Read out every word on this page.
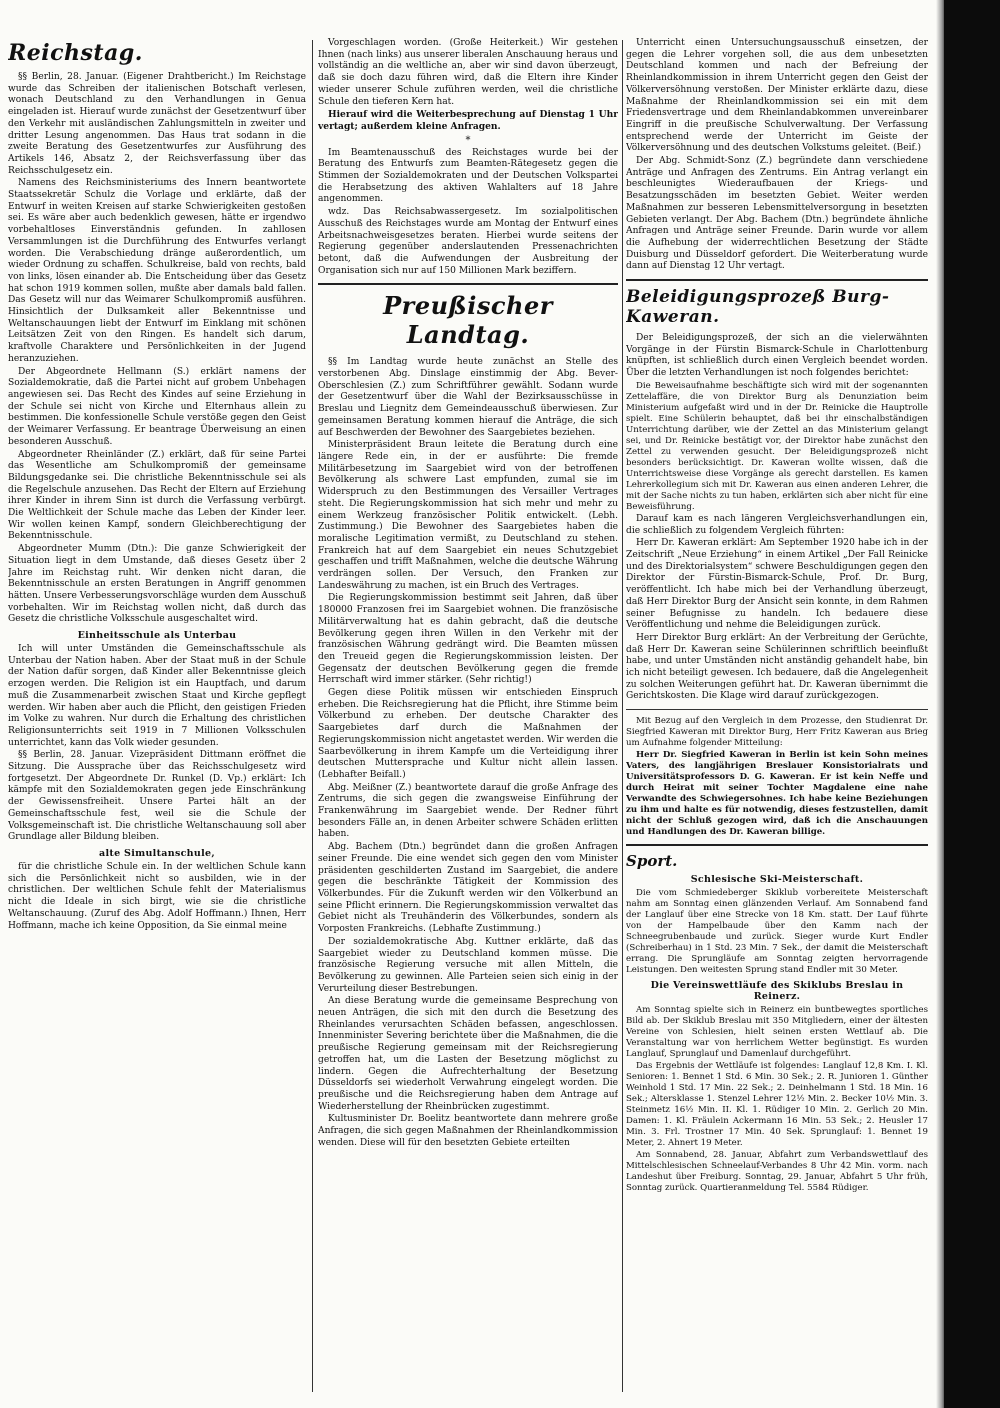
Reichstag.

§§ Berlin, 28. Januar. (Eigener Drahtbericht.) Im Reichstage wurde das Schreiben der italienischen Botschaft verlesen, wonach Deutschland zu den Verhandlungen in Genua eingeladen ist. Hierauf wurde zunächst der Gesetzentwurf über den Verkehr mit ausländischen Zahlungsmitteln in zweiter und dritter Lesung angenommen. Das Haus trat sodann in die zweite Beratung des Gesetzentwurfes zur Ausführung des Artikels 146, Absatz 2, der Reichsverfassung über das Reichsschulgesetz ein.

Namens des Reichsministeriums des Innern beantwortete Staatssekretär Schulz die Vorlage und erklärte, daß der Entwurf in weiten Kreisen auf starke Schwierigkeiten gestoßen sei. Es wäre aber auch bedenklich gewesen, hätte er irgendwo vorbehaltloses Einverständnis gefunden. In zahllosen Versammlungen ist die Durchführung des Entwurfes verlangt worden. Die Verabschiedung dränge außerordentlich, um wieder Ordnung zu schaffen. Schulkreise, bald von rechts, bald von links, lösen einander ab. Die Entscheidung über das Gesetz hat schon 1919 kommen sollen, mußte aber damals bald fallen. Das Gesetz will nur das Weimarer Schulkompromiß ausführen. Hinsichtlich der Dulksamkeit aller Bekenntnisse und Weltanschauungen liebt der Entwurf im Einklang mit schönen Leitsätzen Zeit von den Ringen. Es handelt sich darum, kraftvolle Charaktere und Persönlichkeiten in der Jugend heranzuziehen.

Der Abgeordnete Hellmann (S.) erklärt namens der Sozialdemokratie, daß die Partei nicht auf grobem Unbehagen angewiesen sei. Das Recht des Kindes auf seine Erziehung in der Schule sei nicht von Kirche und Elternhaus allein zu bestimmen. Die konfessionelle Schule verstöße gegen den Geist der Weimarer Verfassung. Er beantrage Überweisung an einen besonderen Ausschuß.

Abgeordneter Rheinländer (Z.) erklärt, daß für seine Partei das Wesentliche am Schulkompromiß der gemeinsame Bildungsgedanke sei. Die christliche Bekenntnisschule sei als die Regelschule anzusehen. Das Recht der Eltern auf Erziehung ihrer Kinder in ihrem Sinn ist durch die Verfassung verbürgt. Die Weltlichkeit der Schule mache das Leben der Kinder leer. Wir wollen keinen Kampf, sondern Gleichberechtigung der Bekenntnisschule.

Abgeordneter Mumm (Dtn.): Die ganze Schwierigkeit der Situation liegt in dem Umstande, daß dieses Gesetz über 2 Jahre im Reichstag ruht. Wir denken nicht daran, die Bekenntnisschule an ersten Beratungen in Angriff genommen hätten. Unsere Verbesserungsvorschläge wurden dem Ausschuß vorbehalten. Wir im Reichstag wollen nicht, daß durch das Gesetz die christliche Volksschule ausgeschaltet wird.

Einheitsschule als Unterbau

Ich will unter Umständen die Gemeinschaftsschule als Unterbau der Nation haben. Aber der Staat muß in der Schule der Nation dafür sorgen, daß Kinder aller Bekenntnisse gleich erzogen werden. Die Religion ist ein Hauptfach, und darum muß die Zusammenarbeit zwischen Staat und Kirche gepflegt werden. Wir haben aber auch die Pflicht, den geistigen Frieden im Volke zu wahren. Nur durch die Erhaltung des christlichen Religionsunterrichts seit 1919 in 7 Millionen Volksschulen unterrichtet, kann das Volk wieder gesunden.

§§ Berlin, 28. Januar. Vizepräsident Dittmann eröffnet die Sitzung. Die Aussprache über das Reichsschulgesetz wird fortgesetzt. Der Abgeordnete Dr. Runkel (D. Vp.) erklärt: Ich kämpfe mit den Sozialdemokraten gegen jede Einschränkung der Gewissensfreiheit. Unsere Partei hält an der Gemeinschaftsschule fest, weil sie die Schule der Volksgemeinschaft ist. Die christliche Weltanschauung soll aber Grundlage aller Bildung bleiben.

alte Simultanschule,

für die christliche Schule ein. In der weltlichen Schule kann sich die Persönlichkeit nicht so ausbilden, wie in der christlichen. Der weltlichen Schule fehlt der Materialismus nicht die Ideale in sich birgt, wie sie die christliche Weltanschauung. (Zuruf des Abg. Adolf Hoffmann.) Ihnen, Herr Hoffmann, mache ich keine Opposition, da Sie einmal meine

Vorgeschlagen worden. (Große Heiterkeit.) Wir gestehen Ihnen (nach links) aus unserer liberalen Anschauung heraus und vollständig an die weltliche an, aber wir sind davon überzeugt, daß sie doch dazu führen wird, daß die Eltern ihre Kinder wieder unserer Schule zuführen werden, weil die christliche Schule den tieferen Kern hat.

Hierauf wird die Weiterbesprechung auf Dienstag 1 Uhr vertagt; außerdem kleine Anfragen.

*

Im Beamtenausschuß des Reichstages wurde bei der Beratung des Entwurfs zum Beamten-Rätegesetz gegen die Stimmen der Sozialdemokraten und der Deutschen Volkspartei die Herabsetzung des aktiven Wahlalters auf 18 Jahre angenommen.

wdz. Das Reichsabwassergesetz. Im sozialpolitischen Ausschuß des Reichstages wurde am Montag der Entwurf eines Arbeitsnachweisgesetzes beraten. Hierbei wurde seitens der Regierung gegenüber anderslautenden Pressenachrichten betont, daß die Aufwendungen der Ausbreitung der Organisation sich nur auf 150 Millionen Mark beziffern.

Preußischer Landtag.

§§ Im Landtag wurde heute zunächst an Stelle des verstorbenen Abg. Dinslage einstimmig der Abg. Bever-Oberschlesien (Z.) zum Schriftführer gewählt. Sodann wurde der Gesetzentwurf über die Wahl der Bezirksausschüsse in Breslau und Liegnitz dem Gemeindeausschuß überwiesen. Zur gemeinsamen Beratung kommen hierauf die Anträge, die sich auf Beschwerden der Bewohner des Saargebietes beziehen.

Ministerpräsident Braun leitete die Beratung durch eine längere Rede ein, in der er ausführte: Die fremde Militärbesetzung im Saargebiet wird von der betroffenen Bevölkerung als schwere Last empfunden, zumal sie im Widerspruch zu den Bestimmungen des Versailler Vertrages steht. Die Regierungskommission hat sich mehr und mehr zu einem Werkzeug französischer Politik entwickelt. (Lebh. Zustimmung.) Die Bewohner des Saargebietes haben die moralische Legitimation vermißt, zu Deutschland zu stehen. Frankreich hat auf dem Saargebiet ein neues Schutzgebiet geschaffen und trifft Maßnahmen, welche die deutsche Währung verdrängen sollen. Der Versuch, den Franken zur Landeswährung zu machen, ist ein Bruch des Vertrages.

Die Regierungskommission bestimmt seit Jahren, daß über 180000 Franzosen frei im Saargebiet wohnen. Die französische Militärverwaltung hat es dahin gebracht, daß die deutsche Bevölkerung gegen ihren Willen in den Verkehr mit der französischen Währung gedrängt wird. Die Beamten müssen den Treueid gegen die Regierungskommission leisten. Der Gegensatz der deutschen Bevölkerung gegen die fremde Herrschaft wird immer stärker. (Sehr richtig!)

Gegen diese Politik müssen wir entschieden Einspruch erheben. Die Reichsregierung hat die Pflicht, ihre Stimme beim Völkerbund zu erheben. Der deutsche Charakter des Saargebietes darf durch die Maßnahmen der Regierungskommission nicht angetastet werden. Wir werden die Saarbevölkerung in ihrem Kampfe um die Verteidigung ihrer deutschen Muttersprache und Kultur nicht allein lassen. (Lebhafter Beifall.)

Abg. Meißner (Z.) beantwortete darauf die große Anfrage des Zentrums, die sich gegen die zwangsweise Einführung der Frankenwährung im Saargebiet wende. Der Redner führt besonders Fälle an, in denen Arbeiter schwere Schäden erlitten haben.

Abg. Bachem (Dtn.) begründet dann die großen Anfragen seiner Freunde. Die eine wendet sich gegen den vom Minister präsidenten geschilderten Zustand im Saargebiet, die andere gegen die beschränkte Tätigkeit der Kommission des Völkerbundes. Für die Zukunft werden wir den Völkerbund an seine Pflicht erinnern. Die Regierungskommission verwaltet das Gebiet nicht als Treuhänderin des Völkerbundes, sondern als Vorposten Frankreichs. (Lebhafte Zustimmung.)

Der sozialdemokratische Abg. Kuttner erklärte, daß das Saargebiet wieder zu Deutschland kommen müsse. Die französische Regierung versuche mit allen Mitteln, die Bevölkerung zu gewinnen. Alle Parteien seien sich einig in der Verurteilung dieser Bestrebungen.

An diese Beratung wurde die gemeinsame Besprechung von neuen Anträgen, die sich mit den durch die Besetzung des Rheinlandes verursachten Schäden befassen, angeschlossen. Innenminister Severing berichtete über die Maßnahmen, die die preußische Regierung gemeinsam mit der Reichsregierung getroffen hat, um die Lasten der Besetzung möglichst zu lindern. Gegen die Aufrechterhaltung der Besetzung Düsseldorfs sei wiederholt Verwahrung eingelegt worden. Die preußische und die Reichsregierung haben dem Antrage auf Wiederherstellung der Rheinbrücken zugestimmt.

Kultusminister Dr. Boelitz beantwortete dann mehrere große Anfragen, die sich gegen Maßnahmen der Rheinlandkommission wenden. Diese will für den besetzten Gebiete erteilten

Unterricht einen Untersuchungsausschuß einsetzen, der gegen die Lehrer vorgehen soll, die aus dem unbesetzten Deutschland kommen und nach der Befreiung der Rheinlandkommission in ihrem Unterricht gegen den Geist der Völkerversöhnung verstoßen. Der Minister erklärte dazu, diese Maßnahme der Rheinlandkommission sei ein mit dem Friedensvertrage und dem Rheinlandabkommen unvereinbarer Eingriff in die preußische Schulverwaltung. Der Verfassung entsprechend werde der Unterricht im Geiste der Völkerversöhnung und des deutschen Volkstums geleitet. (Beif.)

Der Abg. Schmidt-Sonz (Z.) begründete dann verschiedene Anträge und Anfragen des Zentrums. Ein Antrag verlangt ein beschleunigtes Wiederaufbauen der Kriegs- und Besatzungsschäden im besetzten Gebiet. Weiter werden Maßnahmen zur besseren Lebensmittelversorgung in besetzten Gebieten verlangt. Der Abg. Bachem (Dtn.) begründete ähnliche Anfragen und Anträge seiner Freunde. Darin wurde vor allem die Aufhebung der widerrechtlichen Besetzung der Städte Duisburg und Düsseldorf gefordert. Die Weiterberatung wurde dann auf Dienstag 12 Uhr vertagt.

Beleidigungsprozeß Burg-Kaweran.

Der Beleidigungsprozeß, der sich an die vielerwähnten Vorgänge in der Fürstin Bismarck-Schule in Charlottenburg knüpften, ist schließlich durch einen Vergleich beendet worden. Über die letzten Verhandlungen ist noch folgendes berichtet:

Die Beweisaufnahme beschäftigte sich wird mit der sogenannten Zettelaffäre, die von Direktor Burg als Denunziation beim Ministerium aufgefaßt wird und in der Dr. Reinicke die Hauptrolle spielt. Eine Schülerin behauptet, daß bei ihr einschalbständigen Unterrichtung darüber, wie der Zettel an das Ministerium gelangt sei, und Dr. Reinicke bestätigt vor, der Direktor habe zunächst den Zettel zu verwenden gesucht. Der Beleidigungsprozeß nicht besonders berücksichtigt. Dr. Kaweran wollte wissen, daß die Unterrichtsweise diese Vorgänge als gerecht darstellen. Es kamen Lehrerkollegium sich mit Dr. Kaweran aus einen anderen Lehrer, die mit der Sache nichts zu tun haben, erklärten sich aber nicht für eine Beweisführung.

Darauf kam es nach längeren Vergleichsverhandlungen ein, die schließlich zu folgendem Vergleich führten:

Herr Dr. Kaweran erklärt: Am September 1920 habe ich in der Zeitschrift „Neue Erziehung“ in einem Artikel „Der Fall Reinicke und des Direktorialsystem“ schwere Beschuldigungen gegen den Direktor der Fürstin-Bismarck-Schule, Prof. Dr. Burg, veröffentlicht. Ich habe mich bei der Verhandlung überzeugt, daß Herr Direktor Burg der Ansicht sein konnte, in dem Rahmen seiner Befugnisse zu handeln. Ich bedauere diese Veröffentlichung und nehme die Beleidigungen zurück.

Herr Direktor Burg erklärt: An der Verbreitung der Gerüchte, daß Herr Dr. Kaweran seine Schülerinnen schriftlich beeinflußt habe, und unter Umständen nicht anständig gehandelt habe, bin ich nicht beteiligt gewesen. Ich bedauere, daß die Angelegenheit zu solchen Weiterungen geführt hat. Dr. Kaweran übernimmt die Gerichtskosten. Die Klage wird darauf zurückgezogen.

Mit Bezug auf den Vergleich in dem Prozesse, den Studienrat Dr. Siegfried Kaweran mit Direktor Burg, Herr Fritz Kaweran aus Brieg um Aufnahme folgender Mitteilung:

Herr Dr. Siegfried Kaweran in Berlin ist kein Sohn meines Vaters, des langjährigen Breslauer Konsistorialrats und Universitätsprofessors D. G. Kaweran. Er ist kein Neffe und durch Heirat mit seiner Tochter Magdalene eine nahe Verwandte des Schwiegersohnes. Ich habe keine Beziehungen zu ihm und halte es für notwendig, dieses festzustellen, damit nicht der Schluß gezogen wird, daß ich die Anschauungen und Handlungen des Dr. Kaweran billige.

Sport.
Schlesische Ski-Meisterschaft.

Die vom Schmiedeberger Skiklub vorbereitete Meisterschaft nahm am Sonntag einen glänzenden Verlauf. Am Sonnabend fand der Langlauf über eine Strecke von 18 Km. statt. Der Lauf führte von der Hampelbaude über den Kamm nach der Schneegrubenbaude und zurück. Sieger wurde Kurt Endler (Schreiberhau) in 1 Std. 23 Min. 7 Sek., der damit die Meisterschaft errang. Die Sprungläufe am Sonntag zeigten hervorragende Leistungen. Den weitesten Sprung stand Endler mit 30 Meter.

Die Vereinswettläufe des Skiklubs Breslau in Reinerz.

Am Sonntag spielte sich in Reinerz ein buntbewegtes sportliches Bild ab. Der Skiklub Breslau mit 350 Mitgliedern, einer der ältesten Vereine von Schlesien, hielt seinen ersten Wettlauf ab. Die Veranstaltung war von herrlichem Wetter begünstigt. Es wurden Langlauf, Sprunglauf und Damenlauf durchgeführt.

Das Ergebnis der Wettläufe ist folgendes: Langlauf 12,8 Km. I. Kl. Senioren: 1. Bennet 1 Std. 6 Min. 30 Sek.; 2. R. Junioren 1. Günther Weinhold 1 Std. 17 Min. 22 Sek.; 2. Deinhelmann 1 Std. 18 Min. 16 Sek.; Altersklasse 1. Stenzel Lehrer 12½ Min. 2. Becker 10½ Min. 3. Steinmetz 16½ Min. II. Kl. 1. Rüdiger 10 Min. 2. Gerlich 20 Min. Damen: 1. Kl. Fräulein Ackermann 16 Min. 53 Sek.; 2. Heusler 17 Min. 3. Frl. Trostner 17 Min. 40 Sek. Sprunglauf: 1. Bennet 19 Meter, 2. Ahnert 19 Meter.

Am Sonnabend, 28. Januar, Abfahrt zum Verbandswettlauf des Mittelschlesischen Schneelauf-Verbandes 8 Uhr 42 Min. vorm. nach Landeshut über Freiburg. Sonntag, 29. Januar, Abfahrt 5 Uhr früh, Sonntag zurück. Quartieranmeldung Tel. 5584 Rüdiger.
